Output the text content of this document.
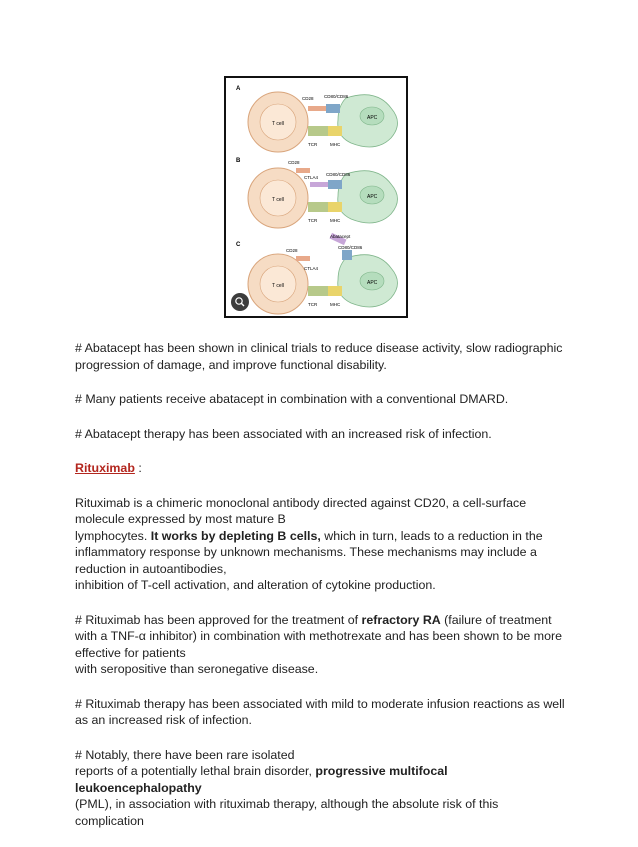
A
T cell
APC
CD28 CD80/CD86
TCR	MHC
B
T cell	APC
CD28
CTLA4
CD80/CD86
TCR	MHC
C
T cell	APC
Abatacept
CD80/CD86
CD28
CTLA4
TCR	MHC

# Abatacept has been shown in clinical trials to reduce disease activity, slow radiographic progression of damage, and improve functional disability.

# Many patients receive abatacept in combination with a conventional DMARD.

# Abatacept therapy has been associated with an increased risk of infection.

Rituximab :

Rituximab is a chimeric monoclonal antibody directed against CD20, a cell-surface molecule expressed by most mature B
lymphocytes. It works by depleting B cells, which in turn, leads to a reduction in the inflammatory response by unknown mechanisms. These mechanisms may include a reduction in autoantibodies,
inhibition of T-cell activation, and alteration of cytokine production.

# Rituximab has been approved for the treatment of refractory RA (failure of treatment with a TNF-α inhibitor) in combination with methotrexate and has been shown to be more effective for patients
with seropositive than seronegative disease.

# Rituximab therapy has been associated with mild to moderate infusion reactions as well as an increased risk of infection.

# Notably, there have been rare isolated
reports of a potentially lethal brain disorder, progressive multifocal leukoencephalopathy
(PML), in association with rituximab therapy, although the absolute risk of this complication
